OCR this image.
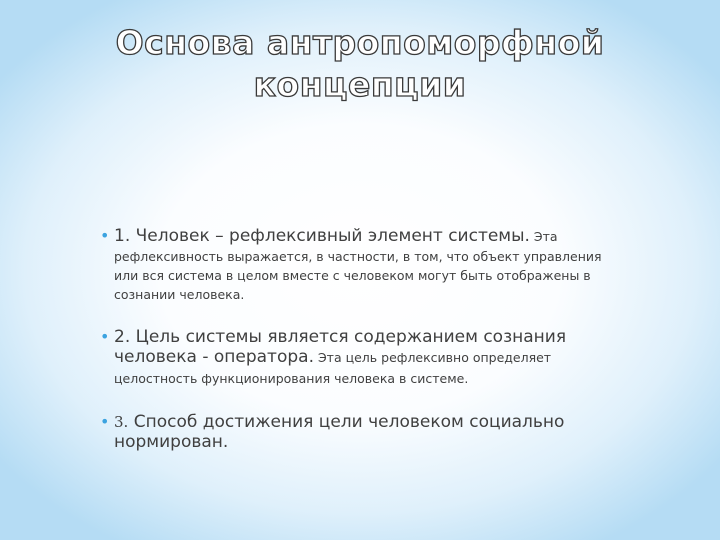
Основа антропоморфной
концепции
• 1. Человек – рефлексивный элемент системы. Эта рефлексивность выражается, в частности, в том, что объект управления или вся система в целом вместе с человеком могут быть отображены в сознании человека.
• 2. Цель системы является содержанием сознания человека - оператора. Эта цель рефлексивно определяет
целостность функционирования человека в системе.
• 3. Способ достижения цели человеком социально нормирован.
